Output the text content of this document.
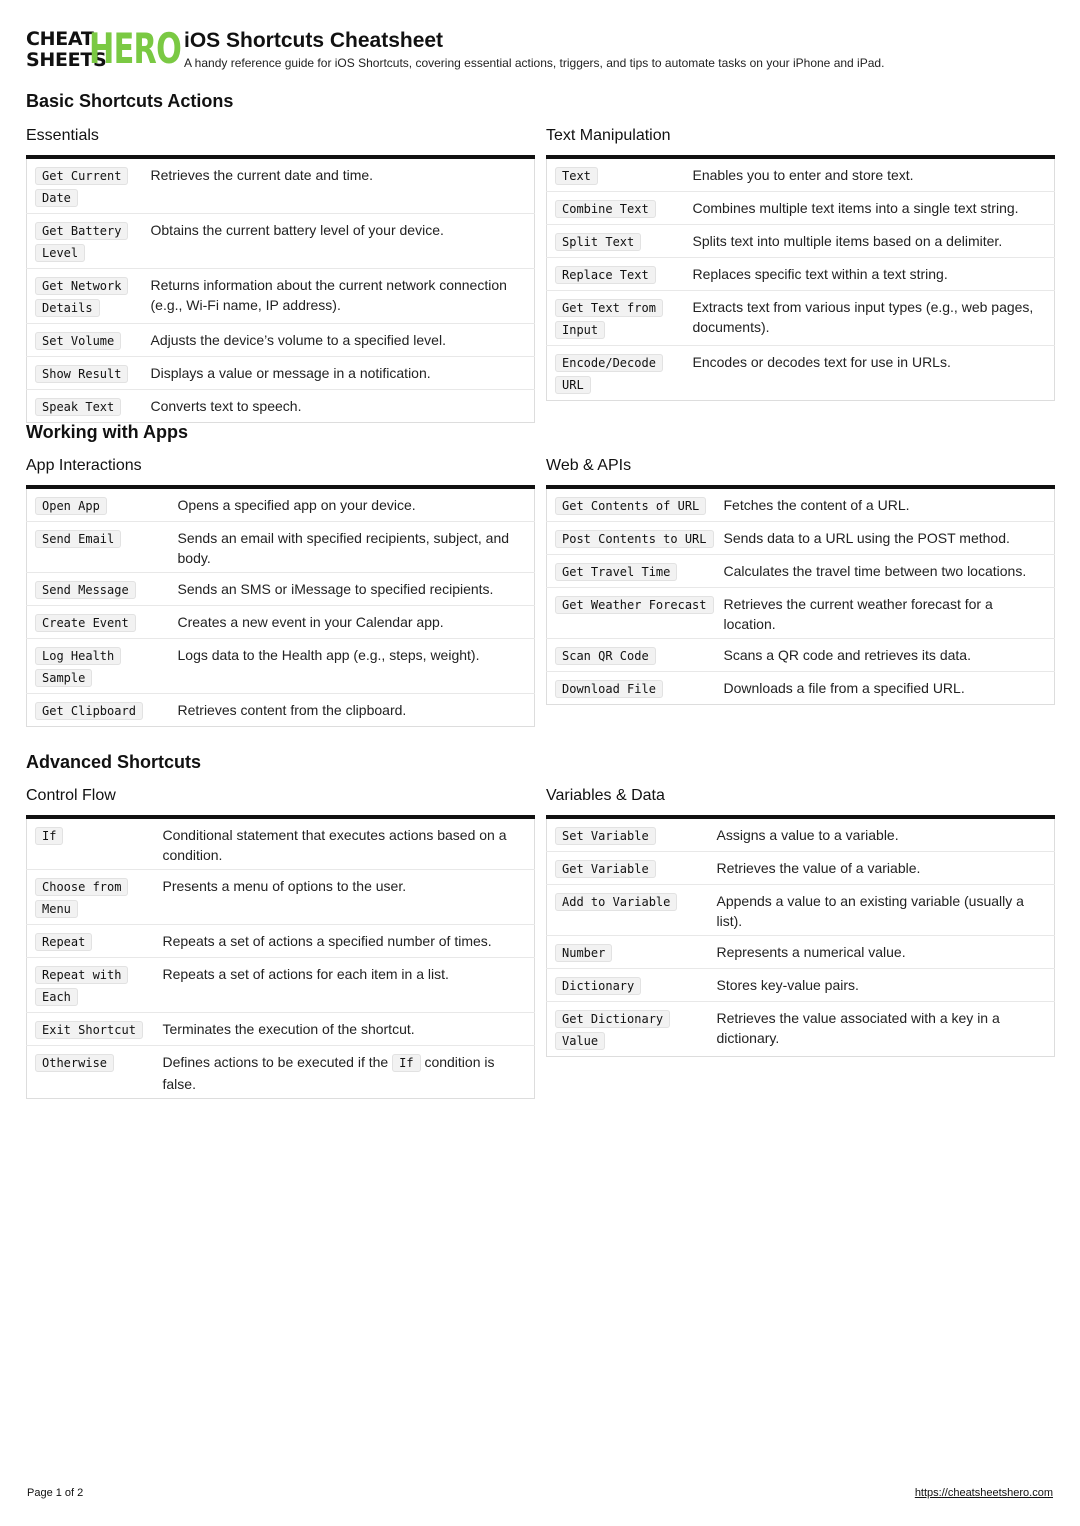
CHEAT
SHEETS
HERO iOS Shortcuts Cheatsheet
A handy reference guide for iOS Shortcuts, covering essential actions, triggers, and tips to automate tasks on your iPhone and iPad.
Basic Shortcuts Actions
Essentials
Get Current Date	Retrieves the current date and time.
Get Battery Level	Obtains the current battery level of your device.
Get Network Details	Returns information about the current network connection (e.g., Wi-Fi name, IP address).
Set Volume	Adjusts the device’s volume to a specified level.
Show Result	Displays a value or message in a notification.
Speak Text	Converts text to speech.
Text Manipulation
Text	Enables you to enter and store text.
Combine Text	Combines multiple text items into a single text string.
Split Text	Splits text into multiple items based on a delimiter.
Replace Text	Replaces specific text within a text string.
Get Text from Input	Extracts text from various input types (e.g., web pages, documents).
Encode/Decode URL	Encodes or decodes text for use in URLs.
Working with Apps
App Interactions
Open App	Opens a specified app on your device.
Send Email	Sends an email with specified recipients, subject, and body.
Send Message	Sends an SMS or iMessage to specified recipients.
Create Event	Creates a new event in your Calendar app.
Log Health Sample	Logs data to the Health app (e.g., steps, weight).
Get Clipboard	Retrieves content from the clipboard.
Web & APIs
Get Contents of URL	Fetches the content of a URL.
Post Contents to URL	Sends data to a URL using the POST method.
Get Travel Time	Calculates the travel time between two locations.
Get Weather Forecast	Retrieves the current weather forecast for a location.
Scan QR Code	Scans a QR code and retrieves its data.
Download File	Downloads a file from a specified URL.
Advanced Shortcuts
Control Flow
If	Conditional statement that executes actions based on a condition.
Choose from Menu	Presents a menu of options to the user.
Repeat	Repeats a set of actions a specified number of times.
Repeat with Each	Repeats a set of actions for each item in a list.
Exit Shortcut	Terminates the execution of the shortcut.
Otherwise	Defines actions to be executed if the If condition is false.
Variables & Data
Set Variable	Assigns a value to a variable.
Get Variable	Retrieves the value of a variable.
Add to Variable	Appends a value to an existing variable (usually a list).
Number	Represents a numerical value.
Dictionary	Stores key-value pairs.
Get Dictionary Value	Retrieves the value associated with a key in a dictionary.
Page 1 of 2	https://cheatsheetshero.com
